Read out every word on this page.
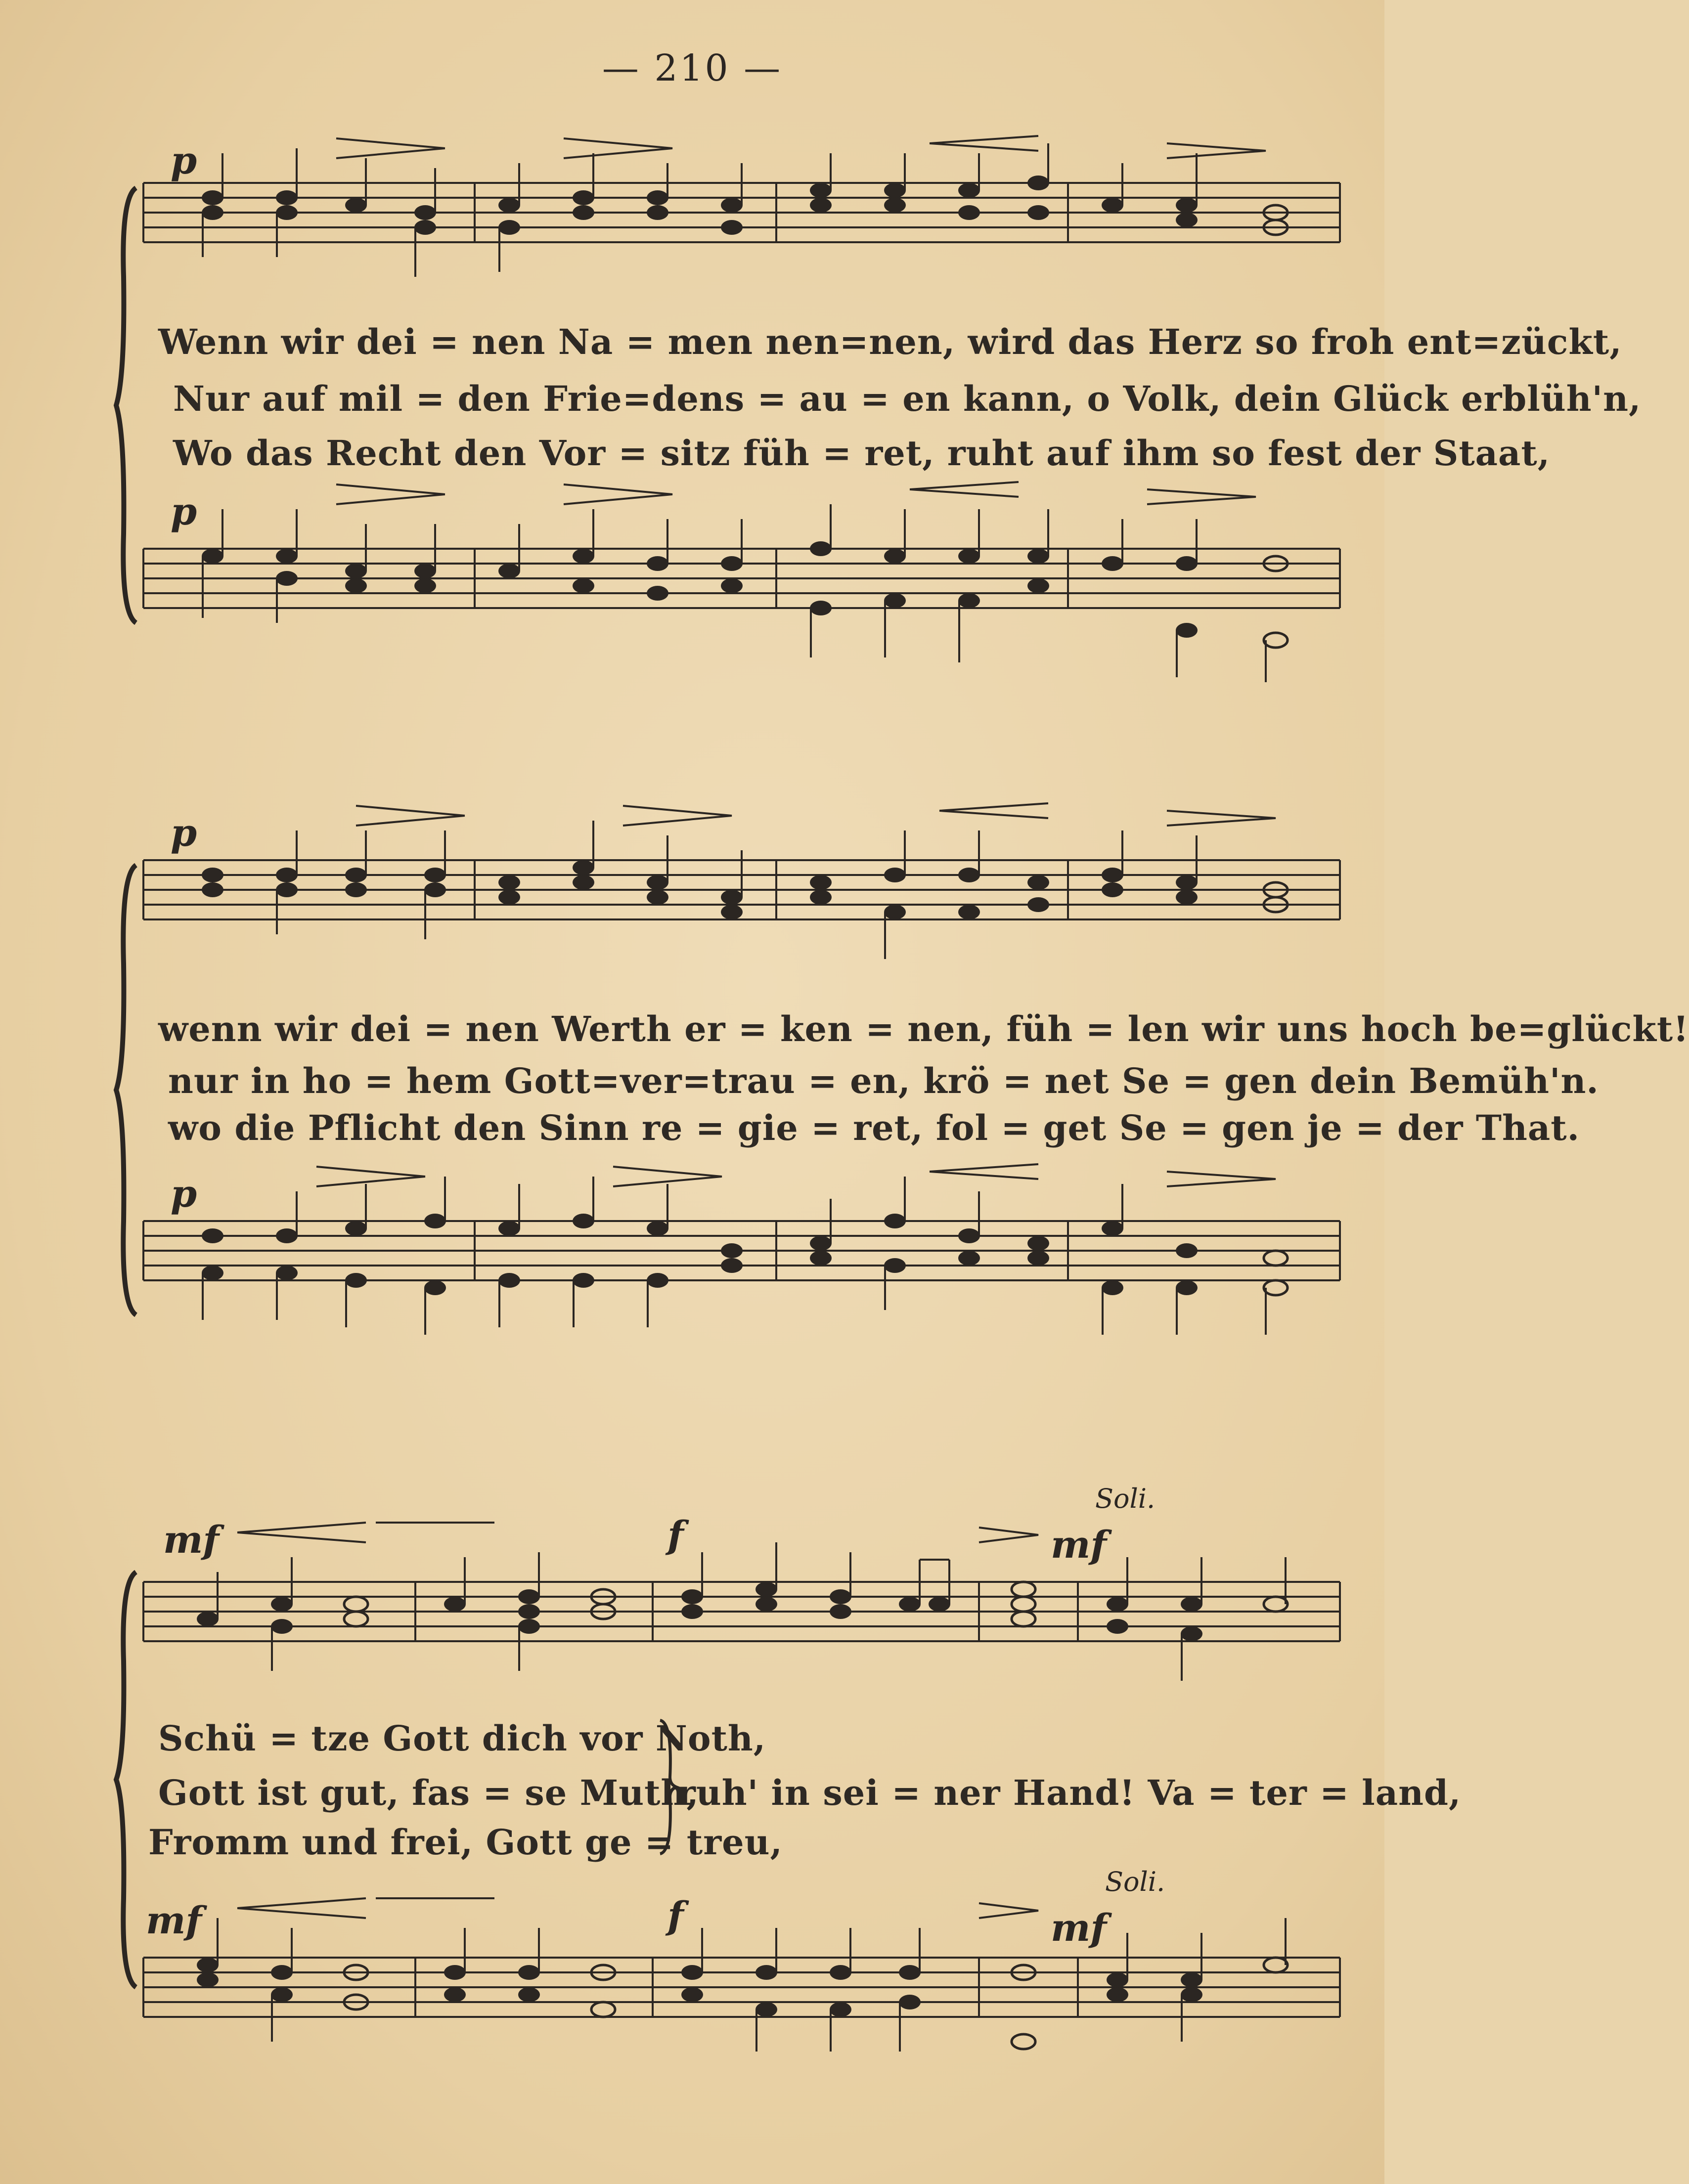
— 210 —
p
Wenn wir dei = nen Na = men nen=nen, wird das Herz so froh ent=zückt,
Nur auf mil = den Frie=dens = au = en kann, o Volk, dein Glück erblüh'n,
Wo das Recht den Vor = sitz füh = ret, ruht auf ihm so fest der Staat,
p
p
wenn wir dei = nen Werth er = ken = nen, füh = len wir uns hoch be=glückt!
nur in ho = hem Gott=ver=trau = en, krö = net Se = gen dein Bemüh'n.
wo die Pflicht den Sinn re = gie = ret, fol = get Se = gen je = der That.
p
Soli.
mf	f	mf
Schü = tze Gott dich vor Noth,
Gott ist gut, fas = se Muth,
Fromm und frei, Gott ge = treu,
ruh' in sei = ner Hand! Va = ter = land,
Soli.
mf	f	mf
